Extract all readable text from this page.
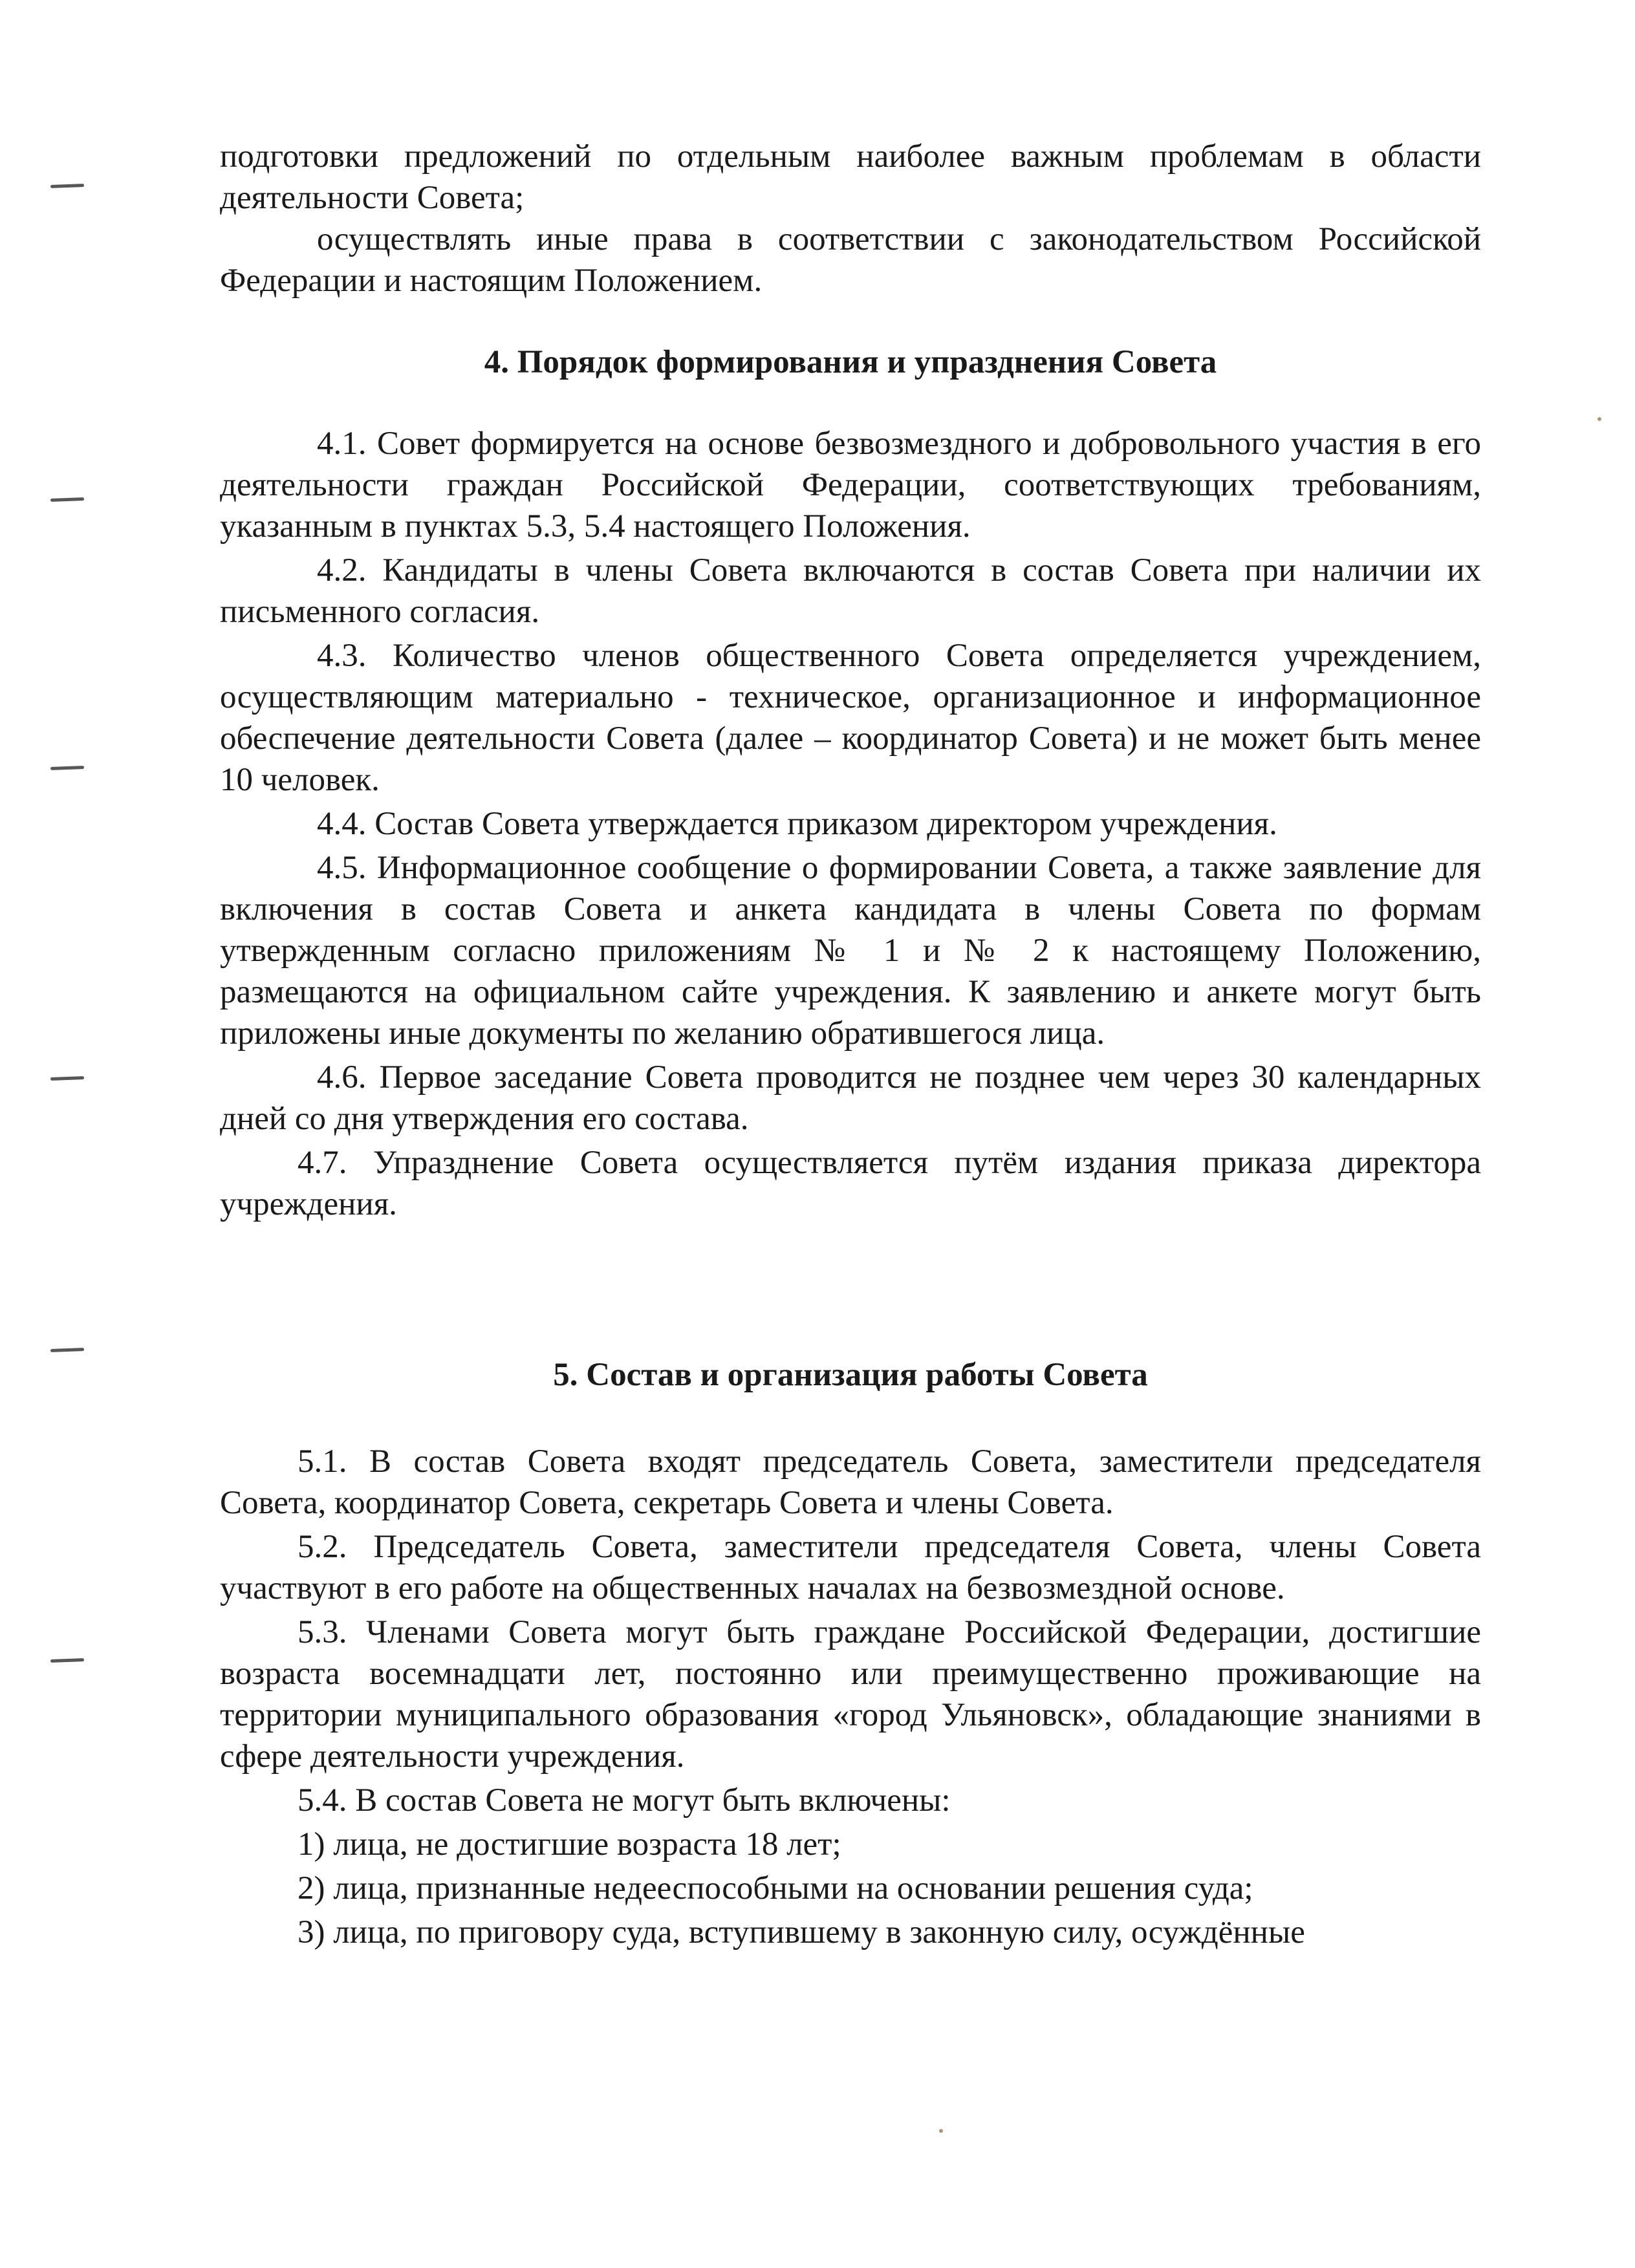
подготовки предложений по отдельным наиболее важным проблемам в области деятельности Совета;

осуществлять иные права в соответствии с законодательством Российской Федерации и настоящим Положением.

4. Порядок формирования и упразднения Совета

4.1. Совет формируется на основе безвозмездного и добровольного участия в его деятельности граждан Российской Федерации, соответствующих требованиям, указанным в пунктах 5.3, 5.4 настоящего Положения.

4.2. Кандидаты в члены Совета включаются в состав Совета при наличии их письменного согласия.

4.3. Количество членов общественного Совета определяется учреждением, осуществляющим материально - техническое, организационное и информационное обеспечение деятельности Совета (далее – координатор Совета) и не может быть менее 10 человек.

4.4. Состав Совета утверждается приказом директором учреждения.

4.5. Информационное сообщение о формировании Совета, а также заявление для включения в состав Совета и анкета кандидата в члены Совета по формам утвержденным согласно приложениям № 1 и № 2 к настоящему Положению, размещаются на официальном сайте учреждения. К заявлению и анкете могут быть приложены иные документы по желанию обратившегося лица.

4.6. Первое заседание Совета проводится не позднее чем через 30 календарных дней со дня утверждения его состава.

4.7. Упразднение Совета осуществляется путём издания приказа директора учреждения.

5. Состав и организация работы Совета

5.1. В состав Совета входят председатель Совета, заместители председателя Совета, координатор Совета, секретарь Совета и члены Совета.

5.2. Председатель Совета, заместители председателя Совета, члены Совета участвуют в его работе на общественных началах на безвозмездной основе.

5.3. Членами Совета могут быть граждане Российской Федерации, достигшие возраста восемнадцати лет, постоянно или преимущественно проживающие на территории муниципального образования «город Ульяновск», обладающие знаниями в сфере деятельности учреждения.

5.4. В состав Совета не могут быть включены:

1) лица, не достигшие возраста 18 лет;

2) лица, признанные недееспособными на основании решения суда;

3) лица, по приговору суда, вступившему в законную силу, осуждённые
